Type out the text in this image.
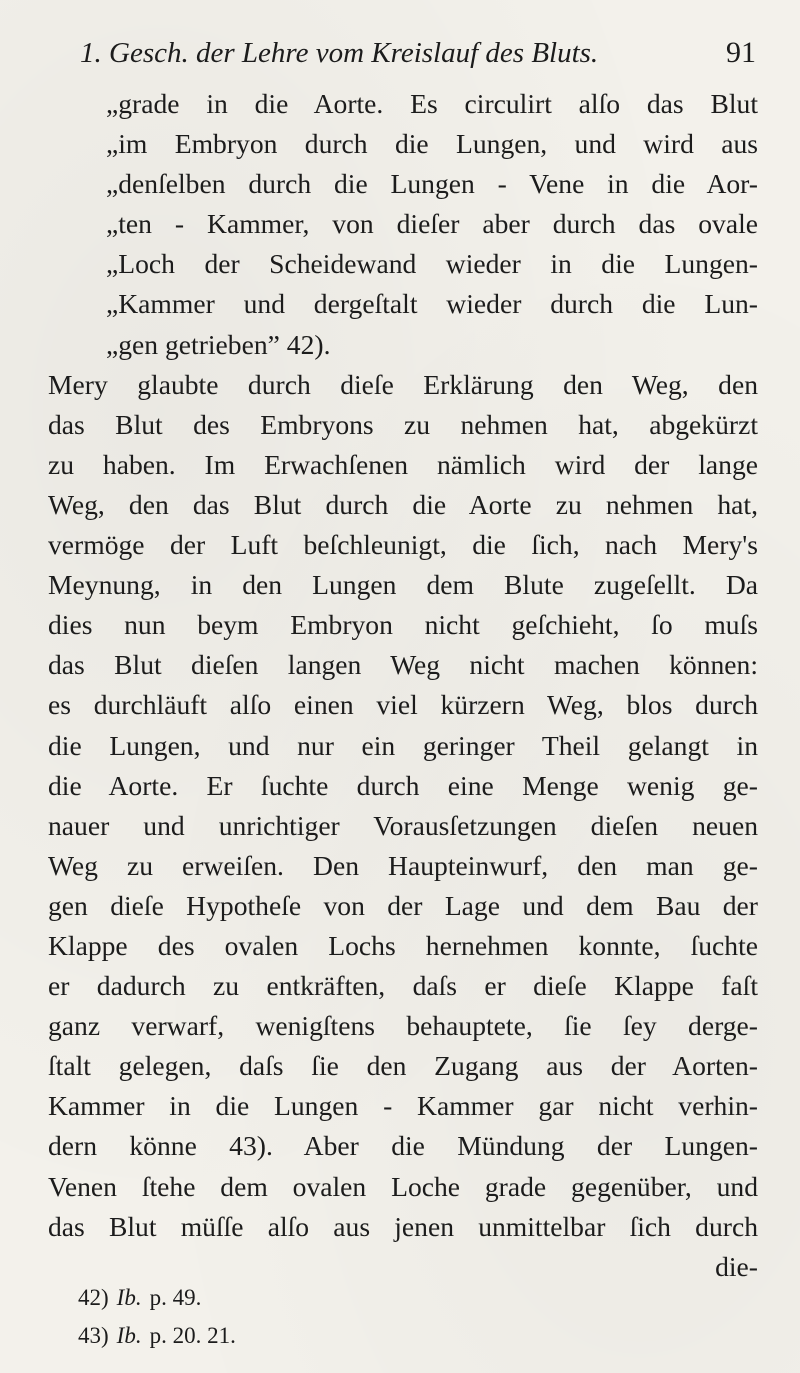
1. Gesch. der Lehre vom Kreislauf des Bluts.	91
„grade in die Aorte. Es circulirt alſo das Blut
„im Embryon durch die Lungen, und wird aus
„denſelben durch die Lungen - Vene in die Aor-
„ten - Kammer, von dieſer aber durch das ovale
„Loch der Scheidewand wieder in die Lungen-
„Kammer und dergeſtalt wieder durch die Lun-
„gen getrieben” 42).
Mery glaubte durch dieſe Erklärung den Weg, den
das Blut des Embryons zu nehmen hat, abgekürzt
zu haben. Im Erwachſenen nämlich wird der lange
Weg, den das Blut durch die Aorte zu nehmen hat,
vermöge der Luft beſchleunigt, die ſich, nach Mery's
Meynung, in den Lungen dem Blute zugeſellt. Da
dies nun beym Embryon nicht geſchieht, ſo muſs
das Blut dieſen langen Weg nicht machen können:
es durchläuft alſo einen viel kürzern Weg, blos durch
die Lungen, und nur ein geringer Theil gelangt in
die Aorte. Er ſuchte durch eine Menge wenig ge-
nauer und unrichtiger Vorausſetzungen dieſen neuen
Weg zu erweiſen. Den Haupteinwurf, den man ge-
gen dieſe Hypotheſe von der Lage und dem Bau der
Klappe des ovalen Lochs hernehmen konnte, ſuchte
er dadurch zu entkräften, daſs er dieſe Klappe faſt
ganz verwarf, wenigſtens behauptete, ſie ſey derge-
ſtalt gelegen, daſs ſie den Zugang aus der Aorten-
Kammer in die Lungen - Kammer gar nicht verhin-
dern könne 43). Aber die Mündung der Lungen-
Venen ſtehe dem ovalen Loche grade gegenüber, und
das Blut müſſe alſo aus jenen unmittelbar ſich durch
die-
42) Ib. p. 49.
43) Ib. p. 20. 21.
